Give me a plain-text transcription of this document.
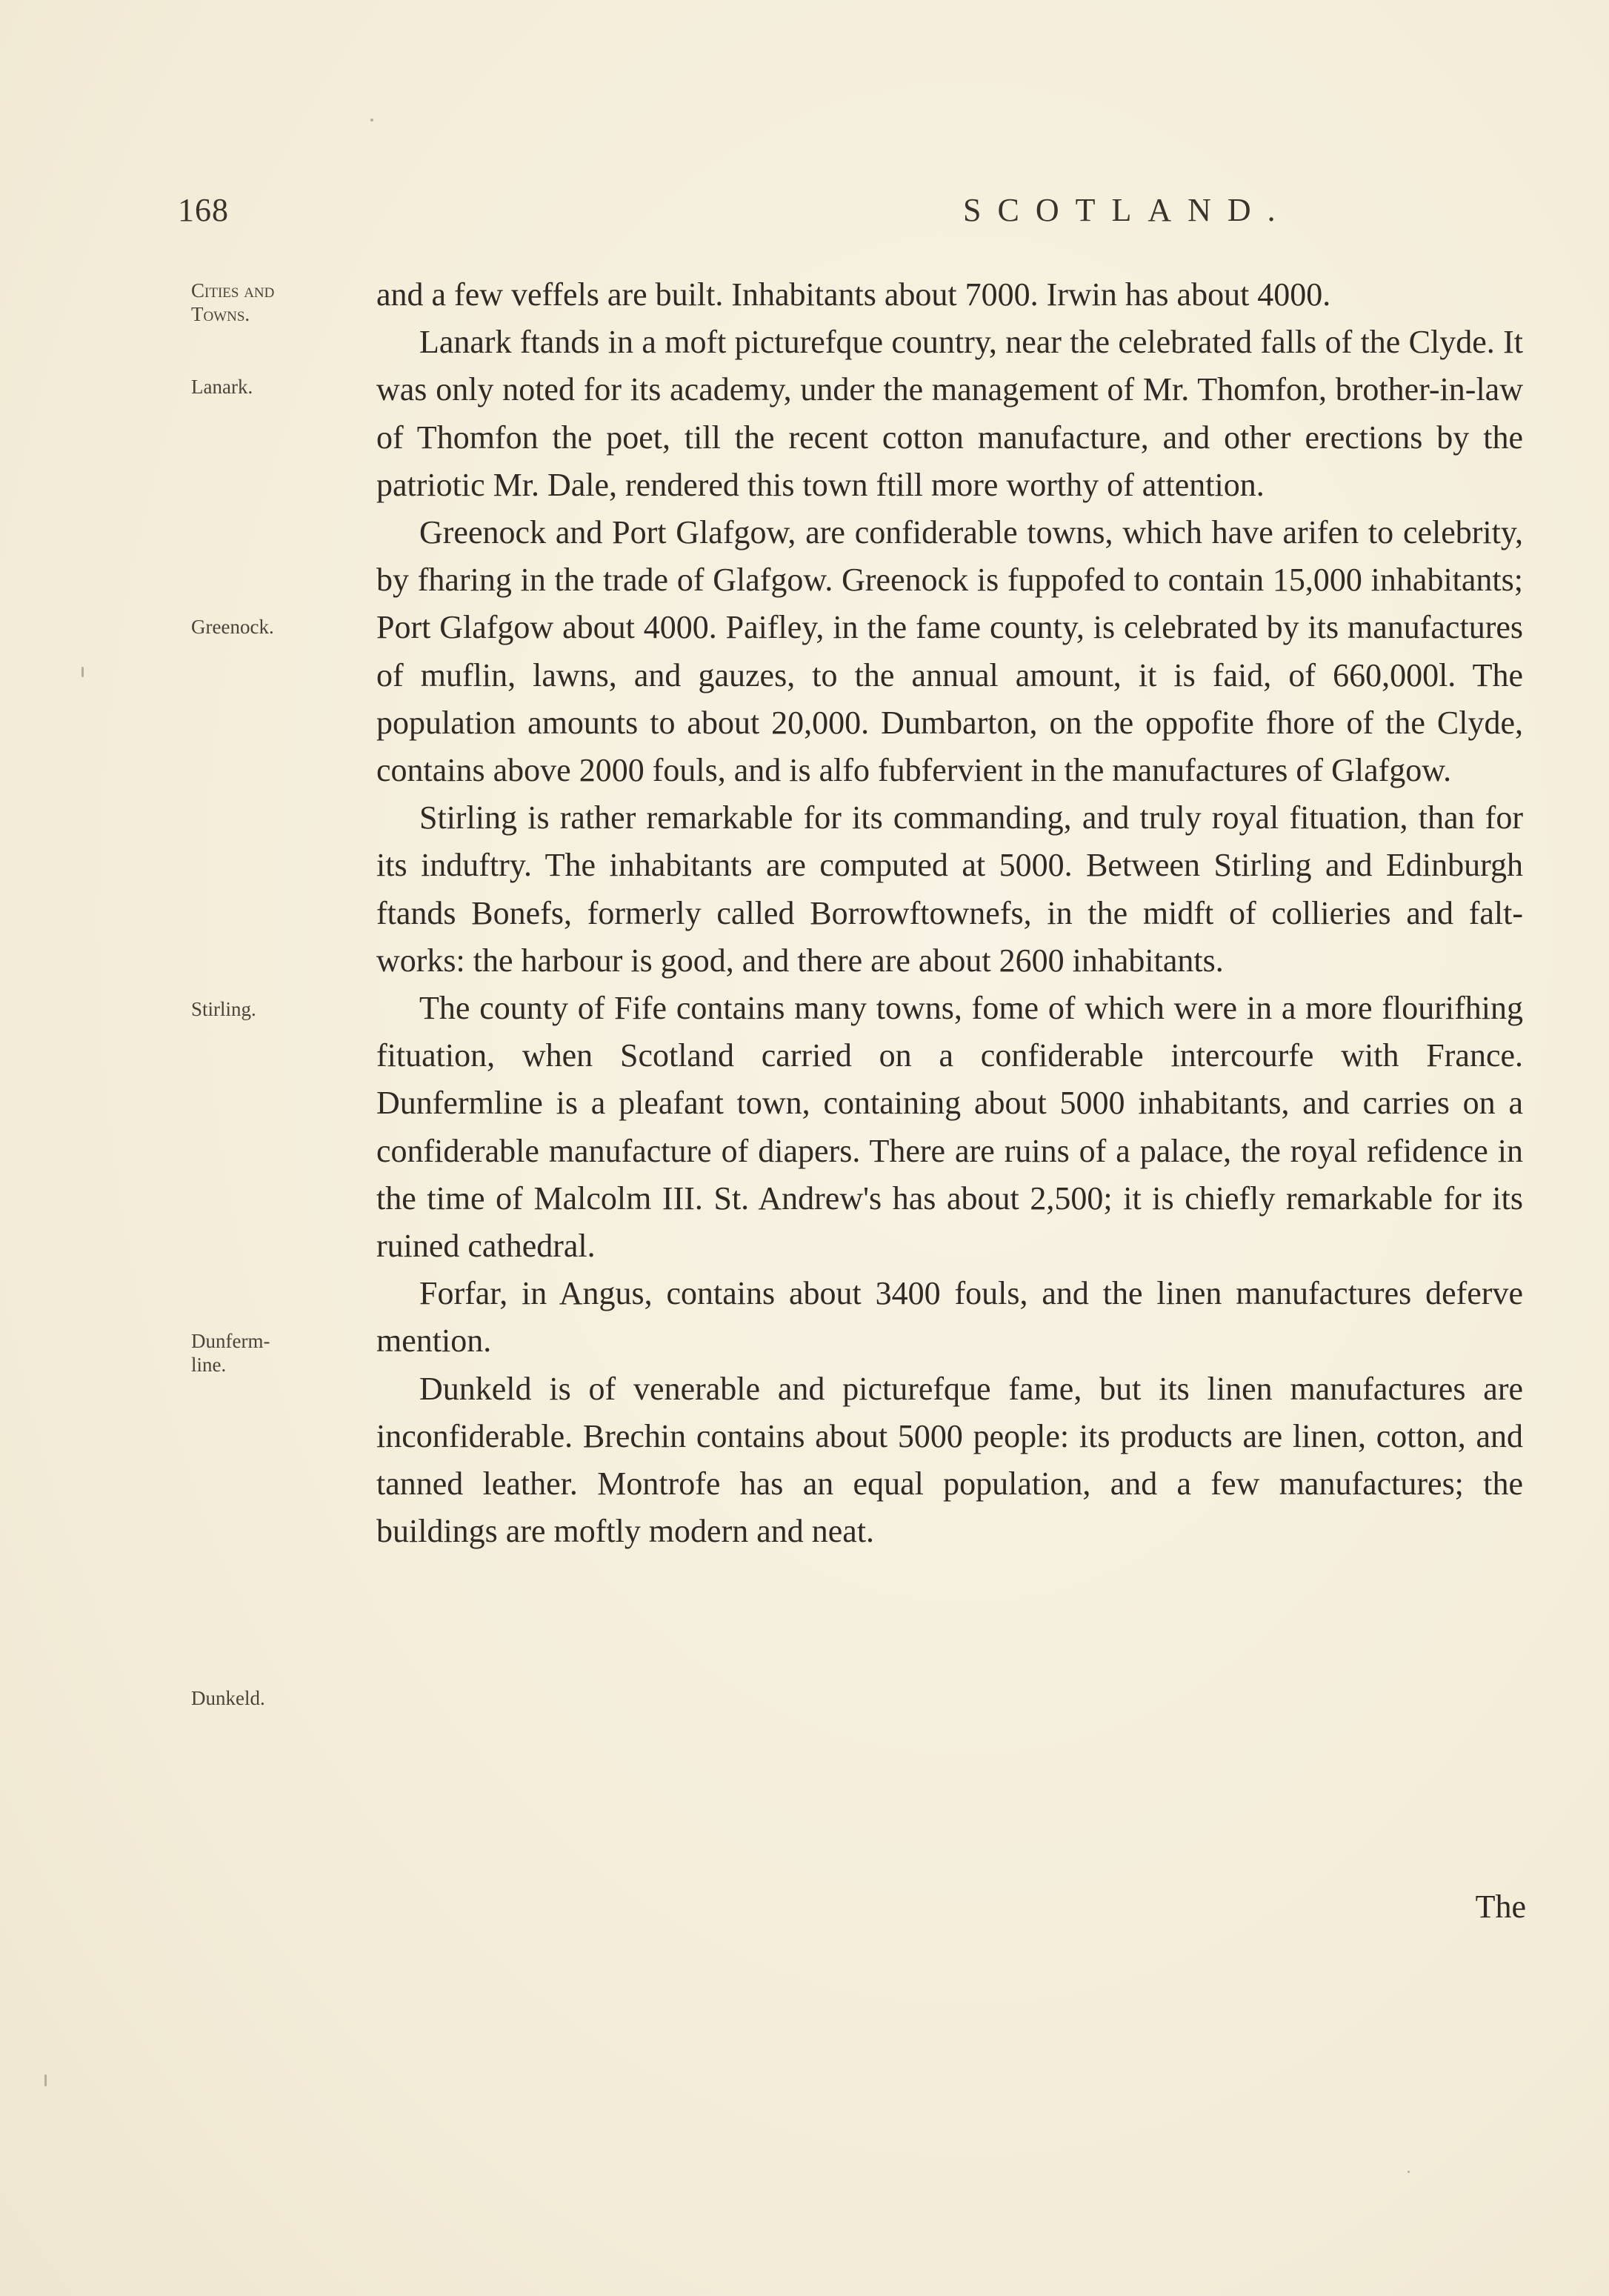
168	SCOTLAND.
Cities and Towns.
Lanark.
Greenock.
Stirling.
Dunferm-line.
Dunkeld.

and a few veffels are built. Inhabitants about 7000. Irwin has about 4000.

Lanark ftands in a moft picturefque country, near the celebrated falls of the Clyde. It was only noted for its academy, under the management of Mr. Thomfon, brother-in-law of Thomfon the poet, till the recent cotton manufacture, and other erections by the patriotic Mr. Dale, rendered this town ftill more worthy of attention.

Greenock and Port Glafgow, are confiderable towns, which have arifen to celebrity, by fharing in the trade of Glafgow. Greenock is fuppofed to contain 15,000 inhabitants; Port Glafgow about 4000. Paifley, in the fame county, is celebrated by its manufactures of muflin, lawns, and gauzes, to the annual amount, it is faid, of 660,000l. The population amounts to about 20,000. Dumbarton, on the oppofite fhore of the Clyde, contains above 2000 fouls, and is alfo fubfervient in the manufactures of Glafgow.

Stirling is rather remarkable for its commanding, and truly royal fituation, than for its induftry. The inhabitants are computed at 5000. Between Stirling and Edinburgh ftands Bonefs, formerly called Borrowftownefs, in the midft of collieries and falt-works: the harbour is good, and there are about 2600 inhabitants.

The county of Fife contains many towns, fome of which were in a more flourifhing fituation, when Scotland carried on a confiderable intercourfe with France. Dunfermline is a pleafant town, containing about 5000 inhabitants, and carries on a confiderable manufacture of diapers. There are ruins of a palace, the royal refidence in the time of Malcolm III. St. Andrew's has about 2,500; it is chiefly remarkable for its ruined cathedral.

Forfar, in Angus, contains about 3400 fouls, and the linen manufactures deferve mention.

Dunkeld is of venerable and picturefque fame, but its linen manufactures are inconfiderable. Brechin contains about 5000 people: its products are linen, cotton, and tanned leather. Montrofe has an equal population, and a few manufactures; the buildings are moftly modern and neat.

The
